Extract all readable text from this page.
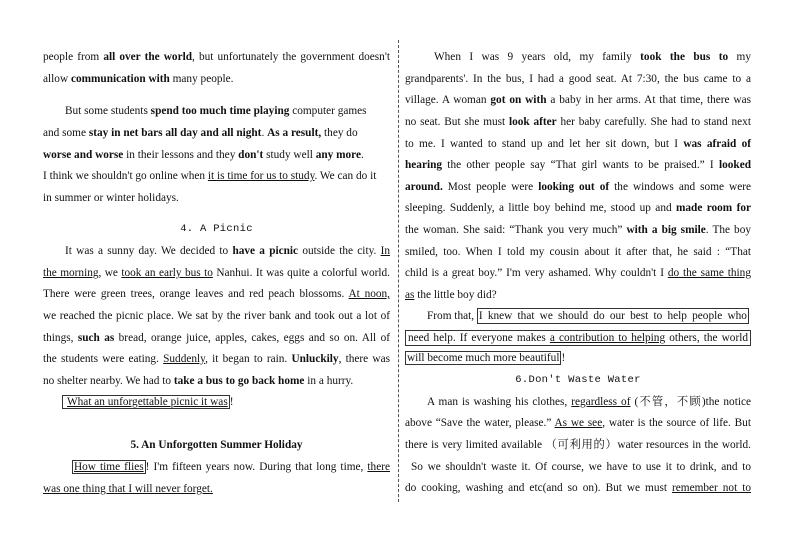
people from all over the world, but unfortunately the government doesn't
allow communication with many people.
But some students spend too much time playing computer games
and some stay in net bars all day and all night. As a result, they do
worse and worse in their lessons and they don't study well any more.
I think we shouldn't go online when it is time for us to study. We can do it
in summer or winter holidays.
4. A Picnic
It was a sunny day. We decided to have a picnic outside the city. In
the morning, we took an early bus to Nanhui. It was quite a colorful world.
There were green trees, orange leaves and red peach blossoms. At noon,
we reached the picnic place. We sat by the river bank and took out a lot of
things, such as bread, orange juice, apples, cakes, eggs and so on. All of
the students were eating. Suddenly, it began to rain. Unluckily, there was
no shelter nearby. We had to take a bus to go back home in a hurry.
What an unforgettable picnic it was !
5. An Unforgotten Summer Holiday
How time flies ! I'm fifteen years now. During that long time, there
was one thing that I will never forget.
When I was 9 years old, my family took the bus to my
grandparents'. In the bus, I had a good seat. At 7:30, the bus came to a
village. A woman got on with a baby in her arms. At that time, there was
no seat. But she must look after her baby carefully. She had to stand next
to me. I wanted to stand up and let her sit down, but I was afraid of
hearing the other people say “That girl wants to be praised.” I looked
around. Most people were looking out of the windows and some were
sleeping. Suddenly, a little boy behind me, stood up and made room for
the woman. She said: “Thank you very much” with a big smile. The boy
smiled, too. When I told my cousin about it after that, he said : “That
child is a great boy.” I'm very ashamed. Why couldn't I do the same thing
as the little boy did?
From that, I knew that we should do our best to help people who
need help. If everyone makes a contribution to helping others, the world
will become much more beautiful !
6.Don't Waste Water
A man is washing his clothes, regardless of (不管，不顾)the notice
above “Save the water, please.” As we see, water is the source of life. But
there is very limited available （可利用的）water resources in the world.
So we shouldn't waste it. Of course, we have to use it to drink, and to
do cooking, washing and etc(and so on). But we must remember not to
